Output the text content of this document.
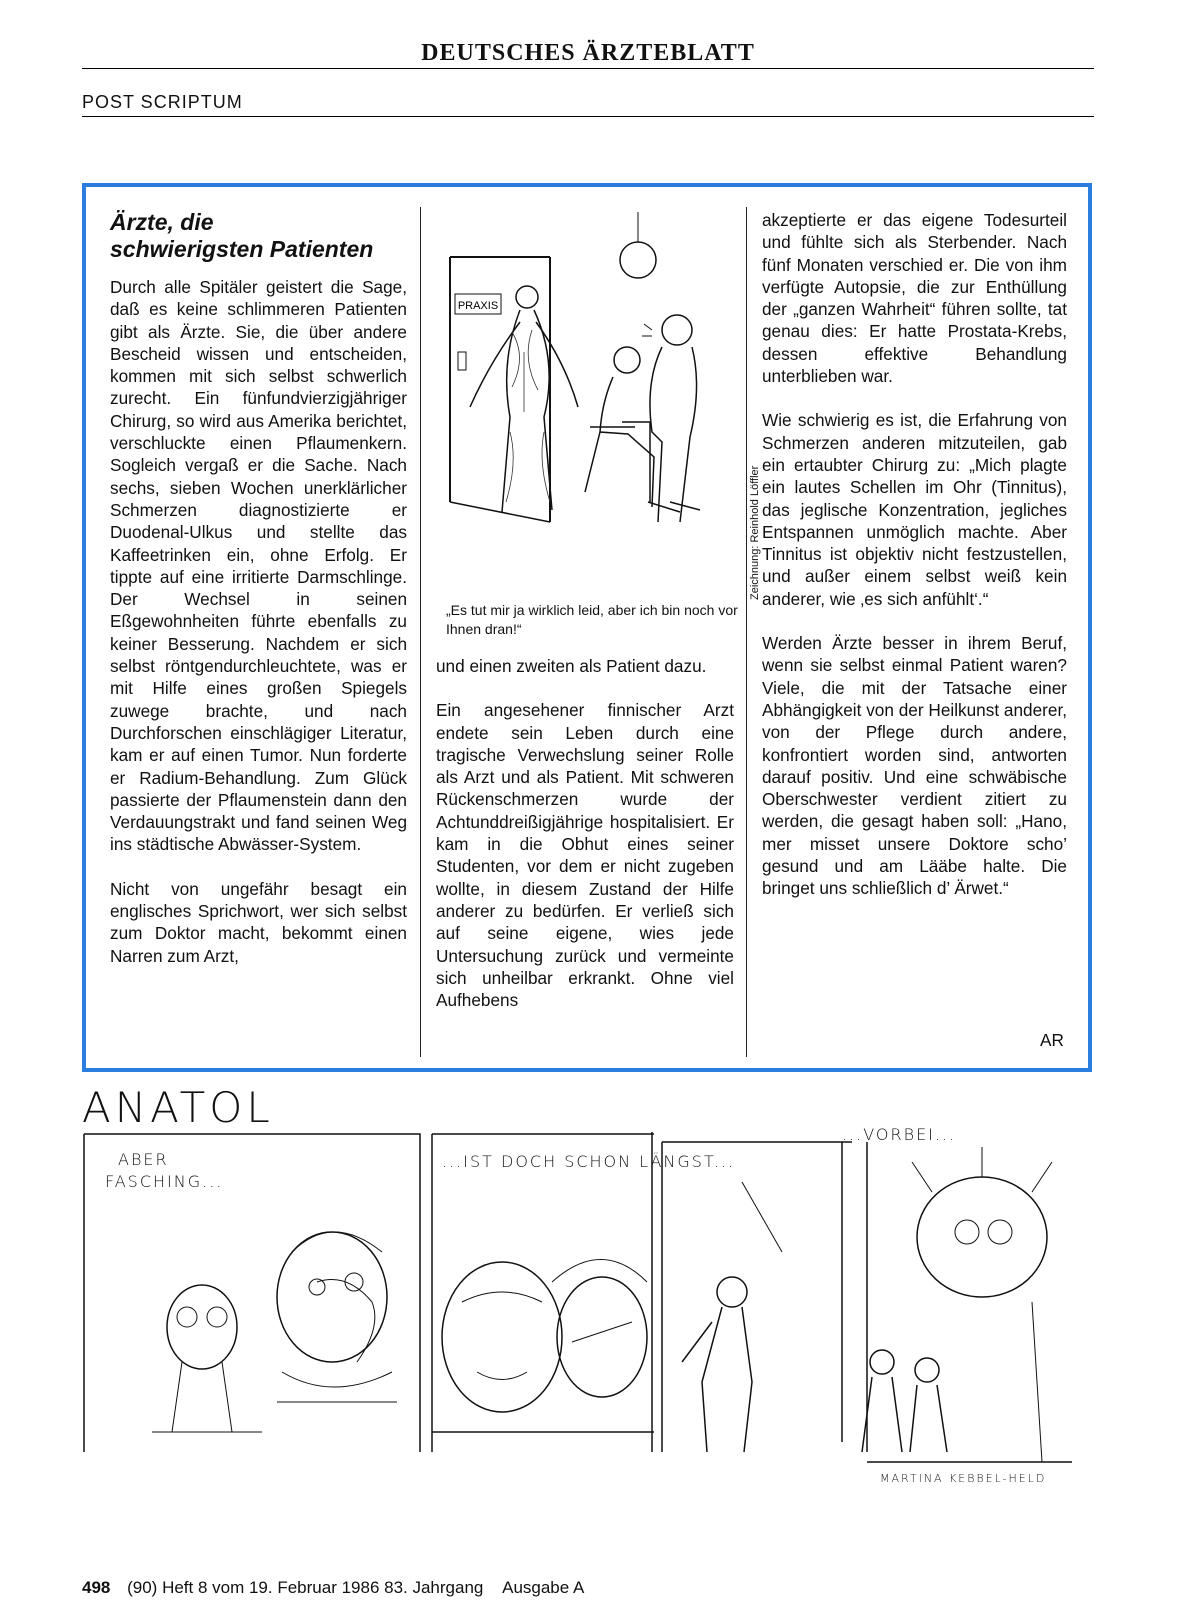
DEUTSCHES ÄRZTEBLATT
POST SCRIPTUM
Ärzte, die
schwierigsten Patienten

Durch alle Spitäler geistert die Sage, daß es keine schlimmeren Patienten gibt als Ärzte. Sie, die über andere Bescheid wissen und entscheiden, kommen mit sich selbst schwerlich zurecht. Ein fünfundvierzigjähriger Chirurg, so wird aus Amerika berichtet, verschluckte einen Pflaumenkern. Sogleich vergaß er die Sache. Nach sechs, sieben Wochen unerklärlicher Schmerzen diagnostizierte er Duodenal-Ulkus und stellte das Kaffeetrinken ein, ohne Erfolg. Er tippte auf eine irritierte Darmschlinge. Der Wechsel in seinen Eßgewohnheiten führte ebenfalls zu keiner Besserung. Nachdem er sich selbst röntgendurchleuchtete, was er mit Hilfe eines großen Spiegels zuwege brachte, und nach Durchforschen einschlägiger Literatur, kam er auf einen Tumor. Nun forderte er Radium-Behandlung. Zum Glück passierte der Pflaumenstein dann den Verdauungstrakt und fand seinen Weg ins städtische Abwässer-System.

Nicht von ungefähr besagt ein englisches Sprichwort, wer sich selbst zum Doktor macht, bekommt einen Narren zum Arzt,

PRAXIS
Zeichnung: Reinhold Löffler
„Es tut mir ja wirklich leid, aber ich bin noch vor Ihnen dran!“

und einen zweiten als Patient dazu.

Ein angesehener finnischer Arzt endete sein Leben durch eine tragische Verwechslung seiner Rolle als Arzt und als Patient. Mit schweren Rückenschmerzen wurde der Achtunddreißigjährige hospitalisiert. Er kam in die Obhut eines seiner Studenten, vor dem er nicht zugeben wollte, in diesem Zustand der Hilfe anderer zu bedürfen. Er verließ sich auf seine eigene, wies jede Untersuchung zurück und vermeinte sich unheilbar erkrankt. Ohne viel Aufhebens

akzeptierte er das eigene Todesurteil und fühlte sich als Sterbender. Nach fünf Monaten verschied er. Die von ihm verfügte Autopsie, die zur Enthüllung der „ganzen Wahrheit“ führen sollte, tat genau dies: Er hatte Prostata-Krebs, dessen effektive Behandlung unterblieben war.

Wie schwierig es ist, die Erfahrung von Schmerzen anderen mitzuteilen, gab ein ertaubter Chirurg zu: „Mich plagte ein lautes Schellen im Ohr (Tinnitus), das jeglische Konzentration, jegliches Entspannen unmöglich machte. Aber Tinnitus ist objektiv nicht festzustellen, und außer einem selbst weiß kein anderer, wie ‚es sich anfühlt‘.“

Werden Ärzte besser in ihrem Beruf, wenn sie selbst einmal Patient waren? Viele, die mit der Tatsache einer Abhängigkeit von der Heilkunst anderer, von der Pflege durch andere, konfrontiert worden sind, antworten darauf positiv. Und eine schwäbische Oberschwester verdient zitiert zu werden, die gesagt haben soll: „Hano, mer misset unsere Doktore scho’ gesund und am Lääbe halte. Die bringet uns schließlich d’ Ärwet.“

AR
ANATOL
ABER
FASCHING...
...IST DOCH SCHON LÄNGST...
...VORBEI...
MARTINA KEBBEL-HELD
498 (90) Heft 8 vom 19. Februar 1986 83. Jahrgang Ausgabe A
